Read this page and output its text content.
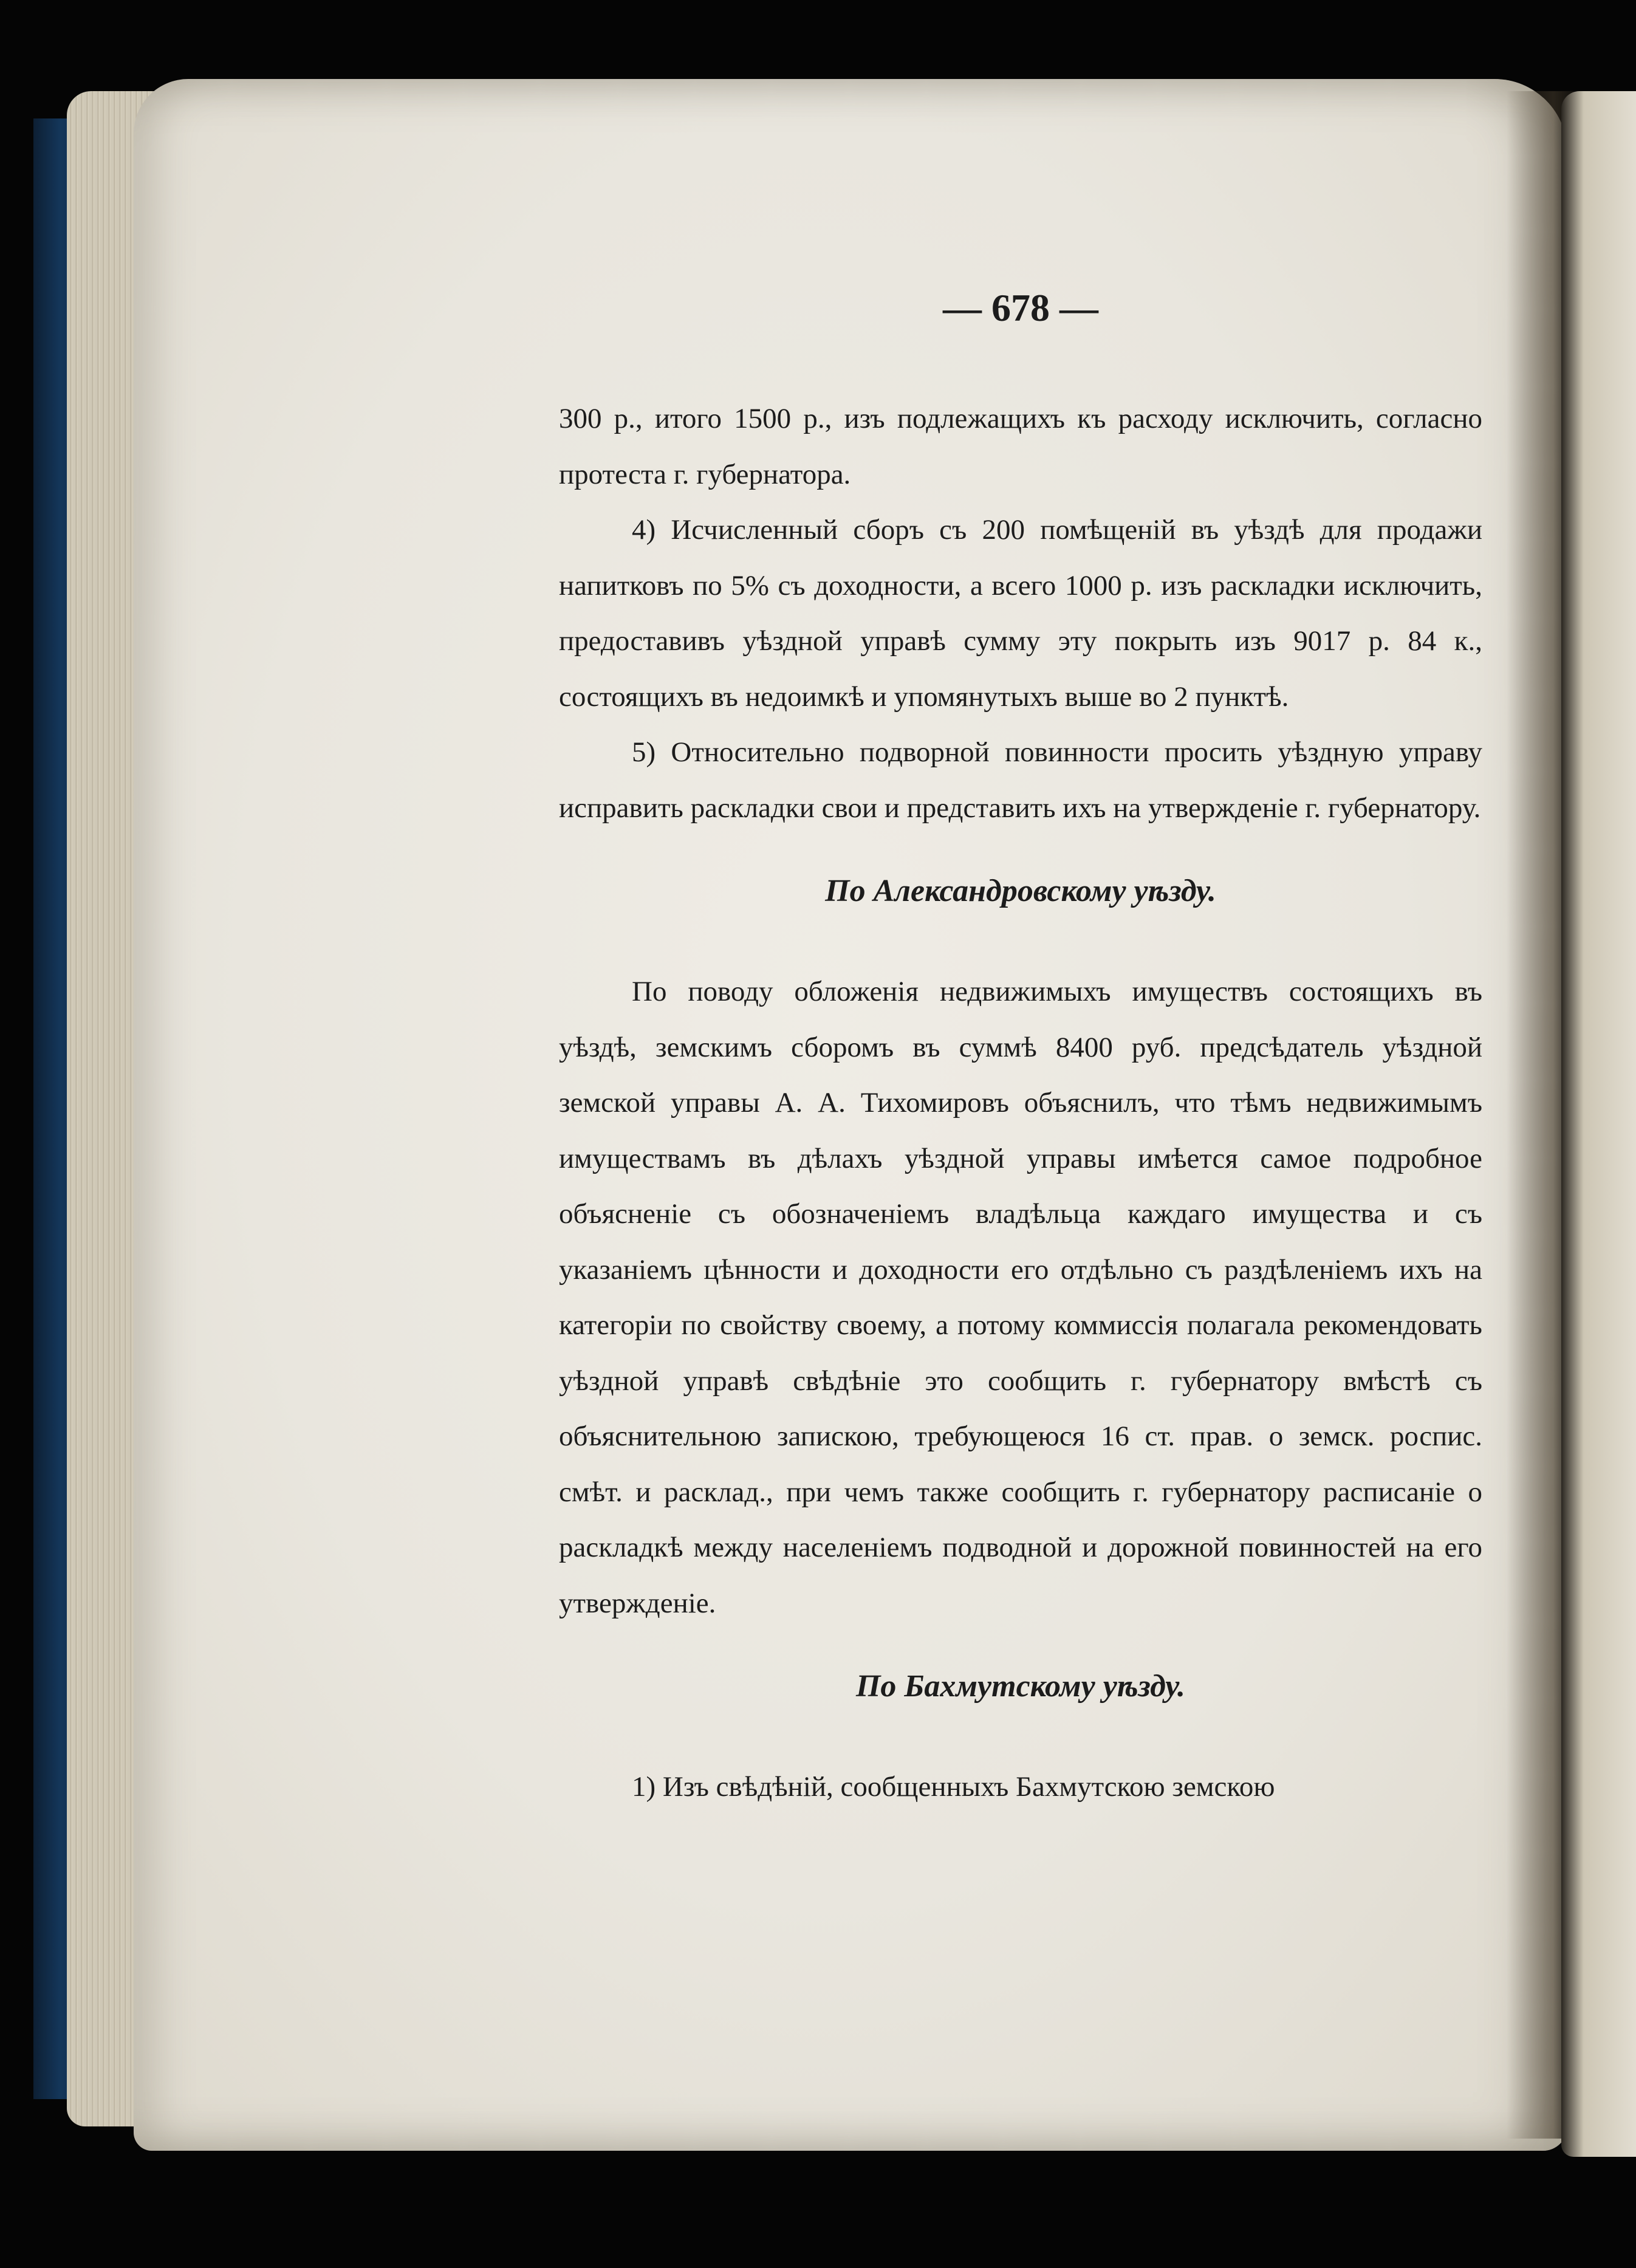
— 678 —

300 р., итого 1500 р., изъ подлежащихъ къ расходу исключить, согласно протеста г. губернатора.

4) Исчисленный сборъ съ 200 помѣщеній въ уѣздѣ для продажи напитковъ по 5% съ доходности, а всего 1000 р. изъ раскладки исключить, предоставивъ уѣздной управѣ сумму эту покрыть изъ 9017 р. 84 к., состоящихъ въ недоимкѣ и упомянутыхъ выше во 2 пунктѣ.

5) Относительно подворной повинности просить уѣздную управу исправить раскладки свои и представить ихъ на утвержденіе г. губернатору.

По Александровскому уѣзду.

По поводу обложенія недвижимыхъ имуществъ состоящихъ въ уѣздѣ, земскимъ сборомъ въ суммѣ 8400 руб. предсѣдатель уѣздной земской управы А. А. Тихомировъ объяснилъ, что тѣмъ недвижимымъ имуществамъ въ дѣлахъ уѣздной управы имѣется самое подробное объясненіе съ обозначеніемъ владѣльца каждаго имущества и съ указаніемъ цѣнности и доходности его отдѣльно съ раздѣленіемъ ихъ на категоріи по свойству своему, а потому коммиссія полагала рекомендовать уѣздной управѣ свѣдѣніе это сообщить г. губернатору вмѣстѣ съ объяснительною запискою, требующеюся 16 ст. прав. о земск. роспис. смѣт. и расклад., при чемъ также сообщить г. губернатору расписаніе о раскладкѣ между населеніемъ подводной и дорожной повинностей на его утвержденіе.

По Бахмутскому уѣзду.

1) Изъ свѣдѣній, сообщенныхъ Бахмутскою земскою
